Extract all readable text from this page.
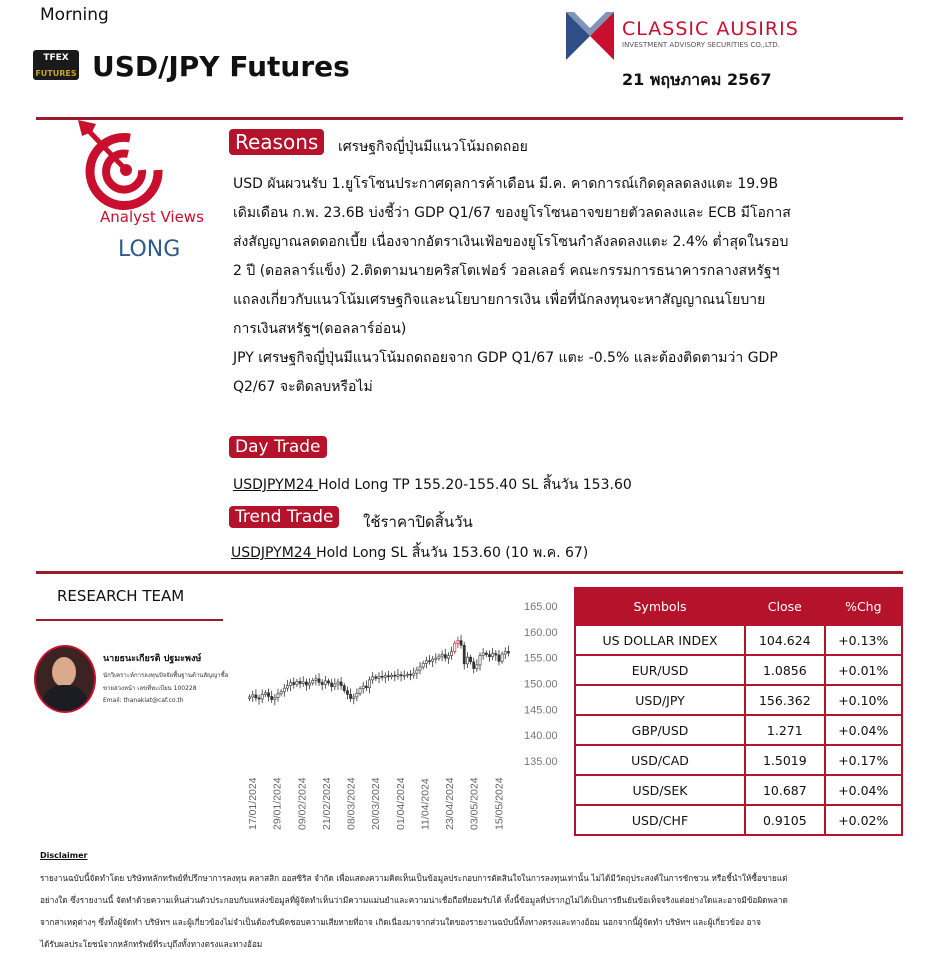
Morning
TFEX
FUTURES USD/JPY Futures
CLASSIC AUSIRIS
INVESTMENT ADVISORY SECURITIES CO.,LTD.
21 พฤษภาคม 2567
Analyst Views
LONG
Reasons	เศรษฐกิจญี่ปุ่นมีแนวโน้มถดถอย
USD ผันผวนรับ 1.ยูโรโซนประกาศดุลการค้าเดือน มี.ค. คาดการณ์เกิดดุลลดลงแตะ 19.9B
เดิมเดือน ก.พ. 23.6B บ่งชี้ว่า GDP Q1/67 ของยูโรโซนอาจขยายตัวลดลงและ ECB มีโอกาส
ส่งสัญญาณลดดอกเบี้ย เนื่องจากอัตราเงินเฟ้อของยูโรโซนกำลังลดลงแตะ 2.4% ต่ำสุดในรอบ
2 ปี (ดอลลาร์แข็ง) 2.ติดตามนายคริสโตเฟอร์ วอลเลอร์ คณะกรรมการธนาคารกลางสหรัฐฯ
แถลงเกี่ยวกับแนวโน้มเศรษฐกิจและนโยบายการเงิน เพื่อที่นักลงทุนจะหาสัญญาณนโยบาย
การเงินสหรัฐฯ(ดอลลาร์อ่อน)
JPY เศรษฐกิจญี่ปุ่นมีแนวโน้มถดถอยจาก GDP Q1/67 แตะ -0.5% และต้องติดตามว่า GDP
Q2/67 จะติดลบหรือไม่
Day Trade
USDJPYM24 Hold Long TP 155.20-155.40 SL สิ้นวัน 153.60
Trend Trade	ใช้ราคาปิดสิ้นวัน
USDJPYM24 Hold Long SL สิ้นวัน 153.60 (10 พ.ค. 67)
RESEARCH TEAM
นายธนะเกียรติ ปฐมะพงษ์
นักวิเคราะห์การลงทุนปัจจัยพื้นฐานด้านสัญญาซื้อ
ขายล่วงหน้า เลขที่ทะเบียน 100228
Email: thanakiat@caf.co.th
165.00
160.00
155.00
150.00
145.00
140.00
135.00
17/01/2024 29/01/2024 09/02/2024 21/02/2024 08/03/2024 20/03/2024 01/04/2024 11/04/2024 23/04/2024 03/05/2024 15/05/2024
Symbols	Close	%Chg
US DOLLAR INDEX	104.624	+0.13%
EUR/USD	1.0856	+0.01%
USD/JPY	156.362	+0.10%
GBP/USD	1.271	+0.04%
USD/CAD	1.5019	+0.17%
USD/SEK	10.687	+0.04%
USD/CHF	0.9105	+0.02%
Disclaimer
รายงานฉบับนี้จัดทำโดย บริษัทหลักทรัพย์ที่ปรึกษาการลงทุน คลาสสิก ออสซิริส จำกัด เพื่อแสดงความคิดเห็นเป็นข้อมูลประกอบการตัดสินใจในการลงทุนเท่านั้น ไม่ได้มีวัตถุประสงค์ในการชักชวน หรือชี้นำให้ซื้อขายแต่
อย่างใด ซึ่งรายงานนี้ จัดทำด้วยความเห็นส่วนตัวประกอบกับแหล่งข้อมูลที่ผู้จัดทำเห็นว่ามีความแม่นยำและความน่าเชื่อถือที่ยอมรับได้ ทั้งนี้ข้อมูลที่ปรากฏไม่ได้เป็นการยืนยันข้อเท็จจริงแต่อย่างใดและอาจมีข้อผิดพลาด
จากสาเหตุต่างๆ ซึ่งทั้งผู้จัดทำ บริษัทฯ และผู้เกี่ยวข้องไม่จำเป็นต้องรับผิดชอบความเสียหายที่อาจ เกิดเนื่องมาจากส่วนใดของรายงานฉบับนี้ทั้งทางตรงและทางอ้อม นอกจากนี้ผู้จัดทำ บริษัทฯ และผู้เกี่ยวข้อง อาจ
ได้รับผลประโยชน์จากหลักทรัพย์ที่ระบุถึงทั้งทางตรงและทางอ้อม
